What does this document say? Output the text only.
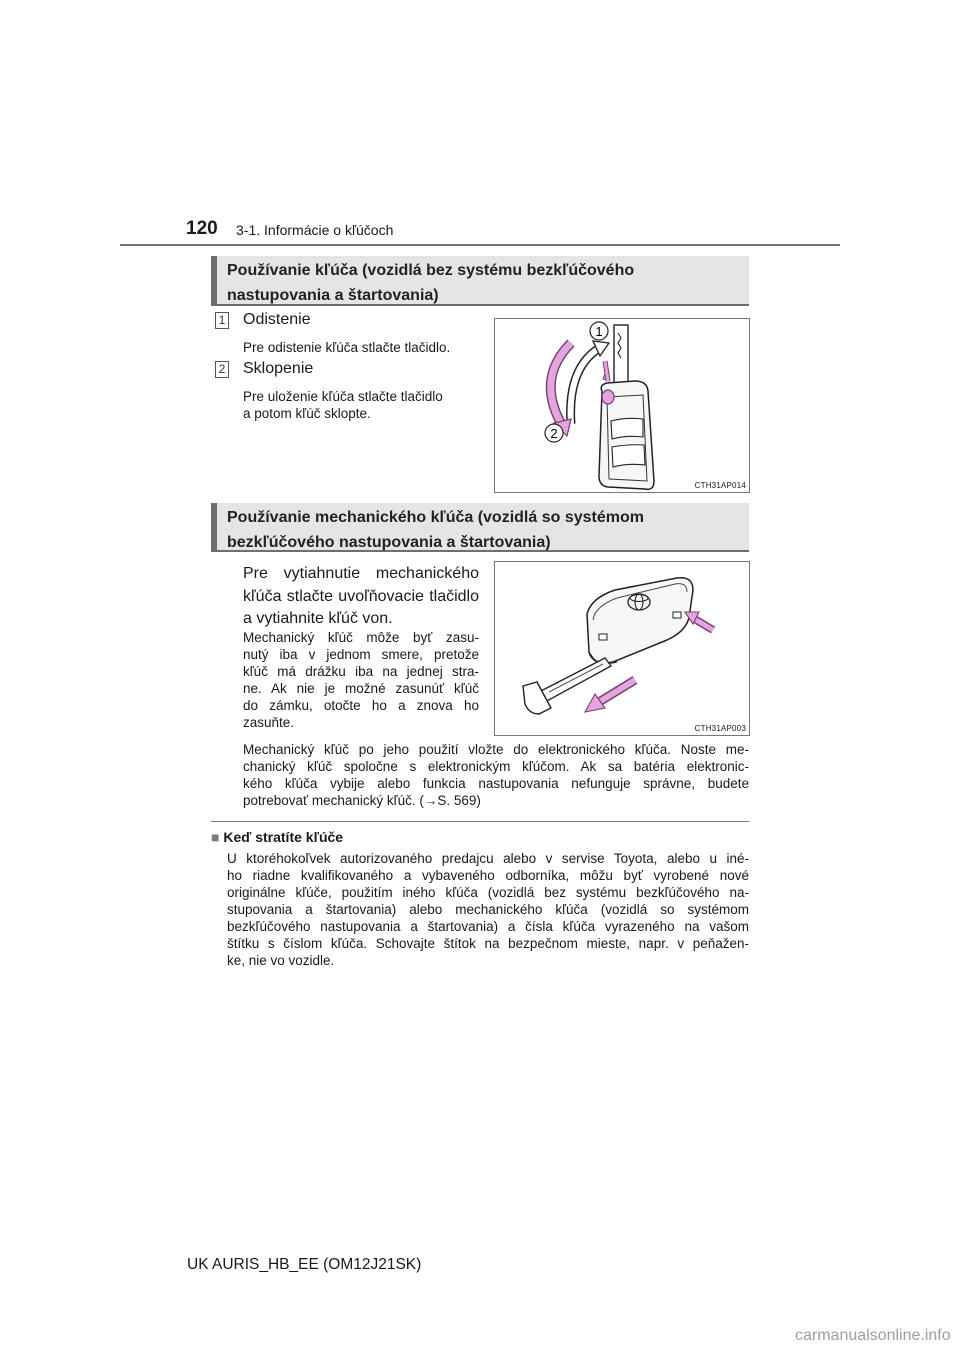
120 3-1. Informácie o kľúčoch
Používanie kľúča (vozidlá bez systému bezkľúčového
nastupovania a štartovania)
1 Odistenie
Pre odistenie kľúča stlačte tlačidlo.
2 Sklopenie
Pre uloženie kľúča stlačte tlačidlo
a potom kľúč sklopte.
1
2
CTH31AP014
Používanie mechanického kľúča (vozidlá so systémom
bezkľúčového nastupovania a štartovania)
Pre vytiahnutie mechanického
kľúča stlačte uvoľňovacie tlačidlo
a vytiahnite kľúč von.
Mechanický kľúč môže byť zasu-
nutý iba v jednom smere, pretože
kľúč má drážku iba na jednej stra-
ne. Ak nie je možné zasunúť kľúč
do zámku, otočte ho a znova ho
zasuňte.	CTH31AP003
Mechanický kľúč po jeho použití vložte do elektronického kľúča. Noste me-
chanický kľúč spoločne s elektronickým kľúčom. Ak sa batéria elektronic-
kého kľúča vybije alebo funkcia nastupovania nefunguje správne, budete
potrebovať mechanický kľúč. (→S. 569)
■ Keď stratíte kľúče
U ktoréhokoľvek autorizovaného predajcu alebo v servise Toyota, alebo u iné-
ho riadne kvalifikovaného a vybaveného odborníka, môžu byť vyrobené nové
originálne kľúče, použitím iného kľúča (vozidlá bez systému bezkľúčového na-
stupovania a štartovania) alebo mechanického kľúča (vozidlá so systémom
bezkľúčového nastupovania a štartovania) a čísla kľúča vyrazeného na vašom
štítku s číslom kľúča. Schovajte štítok na bezpečnom mieste, napr. v peňažen-
ke, nie vo vozidle.
UK AURIS_HB_EE (OM12J21SK)
carmanualsonline.info
